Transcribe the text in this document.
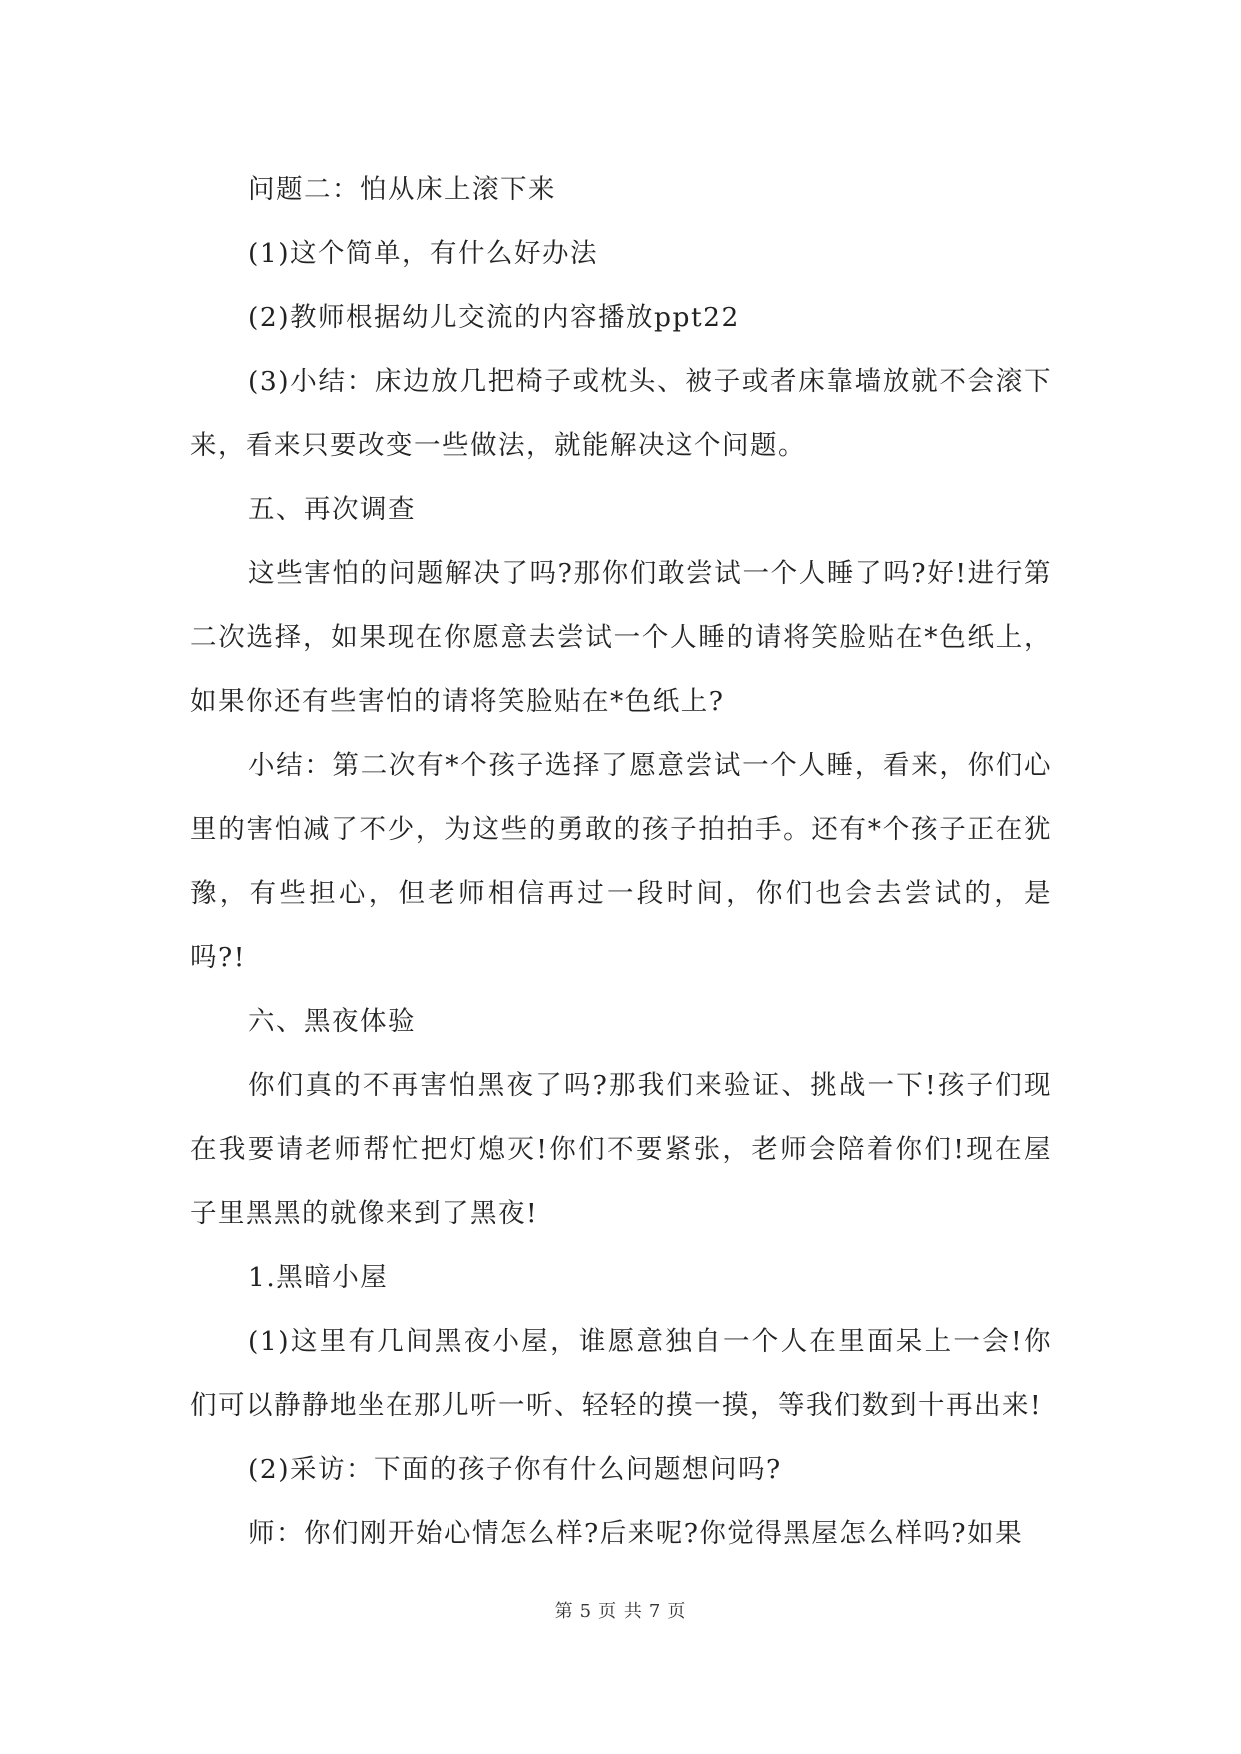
问题二：怕从床上滚下来

(1)这个简单，有什么好办法

(2)教师根据幼儿交流的内容播放ppt22

(3)小结：床边放几把椅子或枕头、被子或者床靠墙放就不会滚下来，看来只要改变一些做法，就能解决这个问题。

五、再次调查

这些害怕的问题解决了吗?那你们敢尝试一个人睡了吗?好!进行第二次选择，如果现在你愿意去尝试一个人睡的请将笑脸贴在*色纸上，如果你还有些害怕的请将笑脸贴在*色纸上?

小结：第二次有*个孩子选择了愿意尝试一个人睡，看来，你们心里的害怕减了不少，为这些的勇敢的孩子拍拍手。还有*个孩子正在犹豫，有些担心，但老师相信再过一段时间，你们也会去尝试的，是吗?!

六、黑夜体验

你们真的不再害怕黑夜了吗?那我们来验证、挑战一下!孩子们现在我要请老师帮忙把灯熄灭!你们不要紧张，老师会陪着你们!现在屋子里黑黑的就像来到了黑夜!

1.黑暗小屋

(1)这里有几间黑夜小屋，谁愿意独自一个人在里面呆上一会!你们可以静静地坐在那儿听一听、轻轻的摸一摸，等我们数到十再出来!

(2)采访：下面的孩子你有什么问题想问吗?

师：你们刚开始心情怎么样?后来呢?你觉得黑屋怎么样吗?如果

第 5 页 共 7 页
